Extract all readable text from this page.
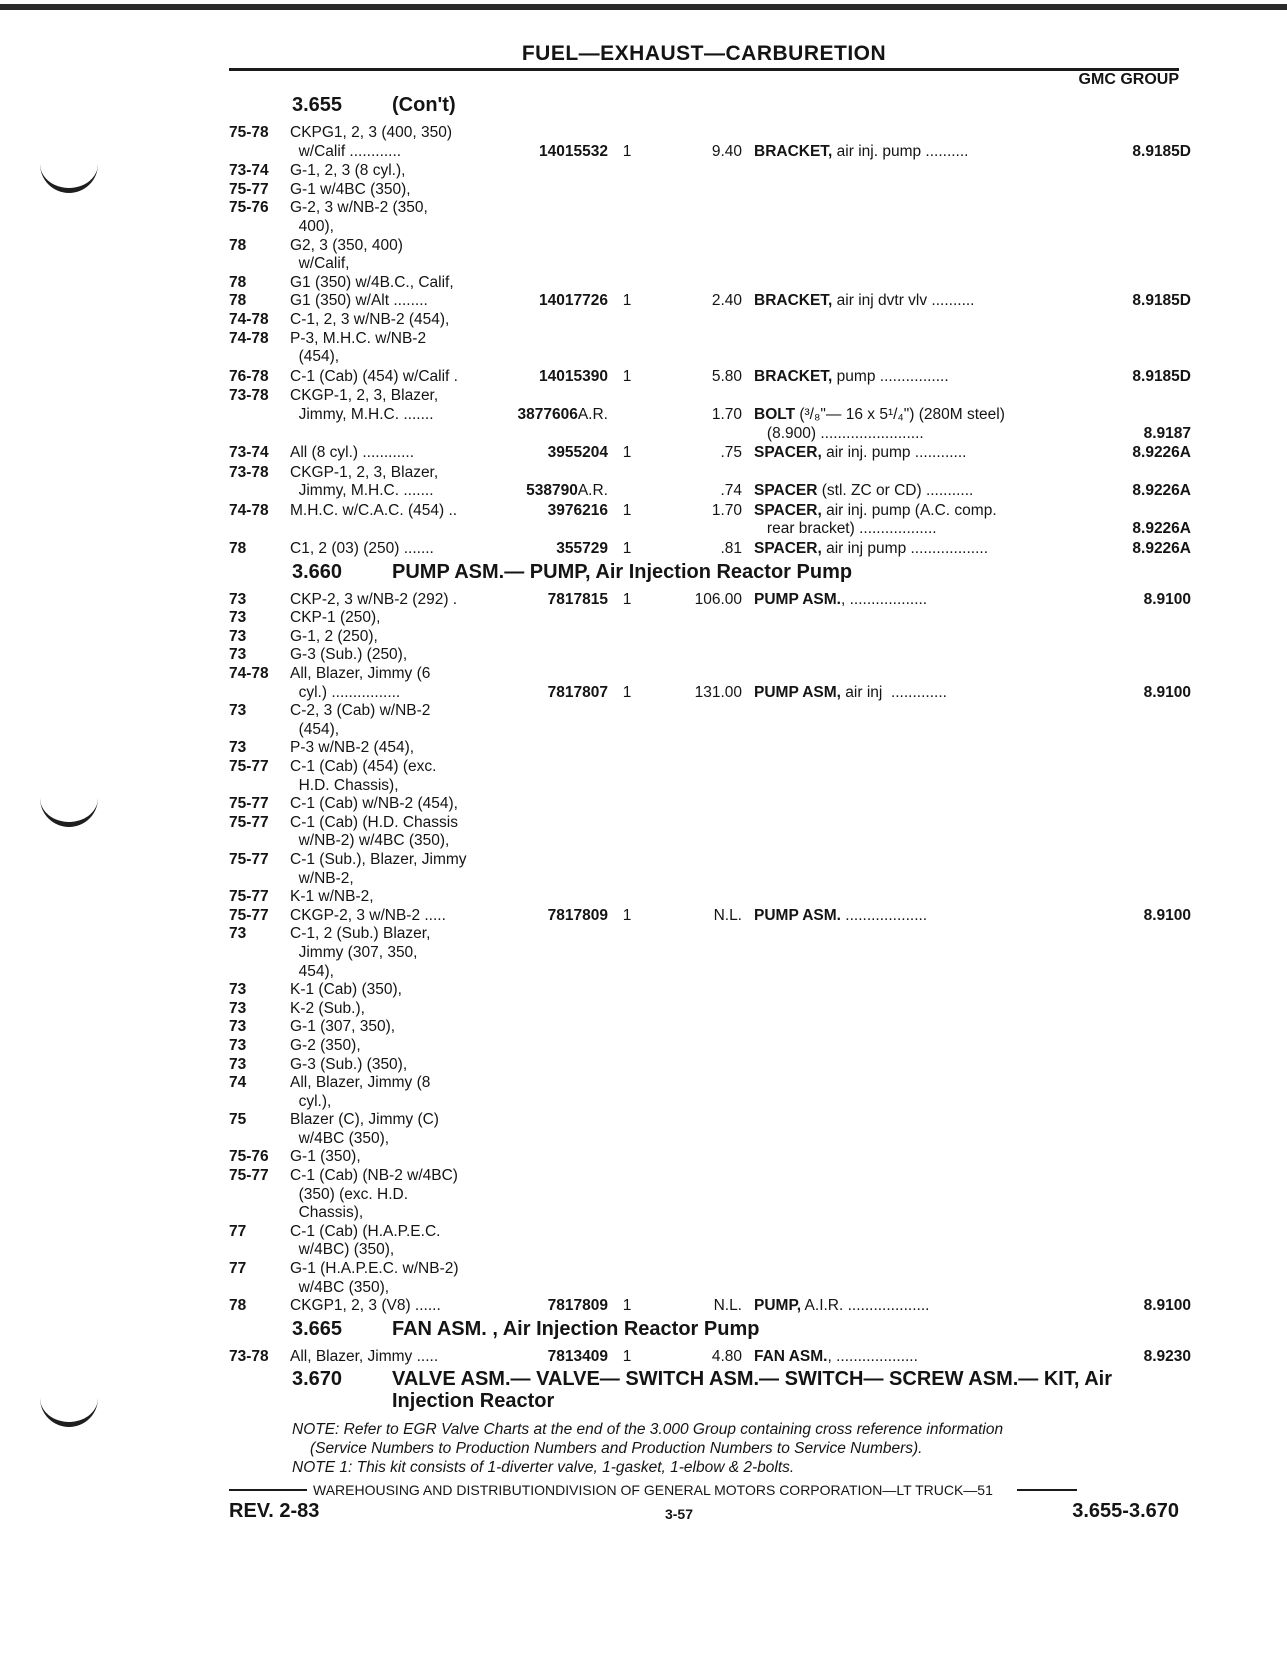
FUEL—EXHAUST—CARBURETION
GMC GROUP
3.655	(Con't)
75-78	CKPG1, 2, 3 (400, 350)
w/Calif ............	14015532 1	9.40 BRACKET, air inj. pump ..........	8.9185D
73-74	G-1, 2, 3 (8 cyl.),
75-77	G-1 w/4BC (350),
75-76	G-2, 3 w/NB-2 (350,
400),
78	G2, 3 (350, 400)
w/Calif,
78	G1 (350) w/4B.C., Calif,
78	G1 (350) w/Alt ........	14017726 1	2.40 BRACKET, air inj dvtr vlv ..........	8.9185D
74-78	C-1, 2, 3 w/NB-2 (454),
74-78	P-3, M.H.C. w/NB-2
(454),
76-78	C-1 (Cab) (454) w/Calif .	14015390 1	5.80 BRACKET, pump ................	8.9185D
73-78	CKGP-1, 2, 3, Blazer,
Jimmy, M.H.C. .......	3877606A.R.	1.70 BOLT (³/₈"— 16 x 5¹/₄") (280M steel)
(8.900) ........................	8.9187
73-74	All (8 cyl.) ............	3955204 1	.75 SPACER, air inj. pump ............	8.9226A
73-78	CKGP-1, 2, 3, Blazer,
Jimmy, M.H.C. .......	538790A.R.	.74 SPACER (stl. ZC or CD) ...........	8.9226A
74-78	M.H.C. w/C.A.C. (454) ..	3976216 1	1.70 SPACER, air inj. pump (A.C. comp.
rear bracket) ..................	8.9226A
78	C1, 2 (03) (250) .......	355729 1	.81 SPACER, air inj pump ..................	8.9226A
3.660	PUMP ASM.— PUMP, Air Injection Reactor Pump
73	CKP-2, 3 w/NB-2 (292) .	7817815 1	106.00 PUMP ASM., ..................	8.9100
73	CKP-1 (250),
73	G-1, 2 (250),
73	G-3 (Sub.) (250),
74-78	All, Blazer, Jimmy (6
cyl.) ................	7817807 1	131.00 PUMP ASM, air inj  .............	8.9100
73	C-2, 3 (Cab) w/NB-2
(454),
73	P-3 w/NB-2 (454),
75-77	C-1 (Cab) (454) (exc.
H.D. Chassis),
75-77	C-1 (Cab) w/NB-2 (454),
75-77	C-1 (Cab) (H.D. Chassis
w/NB-2) w/4BC (350),
75-77	C-1 (Sub.), Blazer, Jimmy
w/NB-2,
75-77	K-1 w/NB-2,
75-77	CKGP-2, 3 w/NB-2 .....	7817809 1	N.L. PUMP ASM. ...................	8.9100
73	C-1, 2 (Sub.) Blazer,
Jimmy (307, 350,
454),
73	K-1 (Cab) (350),
73	K-2 (Sub.),
73	G-1 (307, 350),
73	G-2 (350),
73	G-3 (Sub.) (350),
74	All, Blazer, Jimmy (8
cyl.),
75	Blazer (C), Jimmy (C)
w/4BC (350),
75-76	G-1 (350),
75-77	C-1 (Cab) (NB-2 w/4BC)
(350) (exc. H.D.
Chassis),
77	C-1 (Cab) (H.A.P.E.C.
w/4BC) (350),
77	G-1 (H.A.P.E.C. w/NB-2)
w/4BC (350),
78	CKGP1, 2, 3 (V8) ......	7817809 1	N.L. PUMP, A.I.R. ...................	8.9100
3.665	FAN ASM. , Air Injection Reactor Pump
73-78	All, Blazer, Jimmy .....	7813409 1	4.80 FAN ASM., ...................	8.9230
3.670	VALVE ASM.— VALVE— SWITCH ASM.— SWITCH— SCREW ASM.— KIT, Air Injection Reactor
NOTE: Refer to EGR Valve Charts at the end of the 3.000 Group containing cross reference information
(Service Numbers to Production Numbers and Production Numbers to Service Numbers).
NOTE 1: This kit consists of 1-diverter valve, 1-gasket, 1-elbow & 2-bolts.
WAREHOUSING AND DISTRIBUTIONDIVISION OF GENERAL MOTORS CORPORATION—LT TRUCK—51
REV. 2-83	3-57	3.655-3.670
